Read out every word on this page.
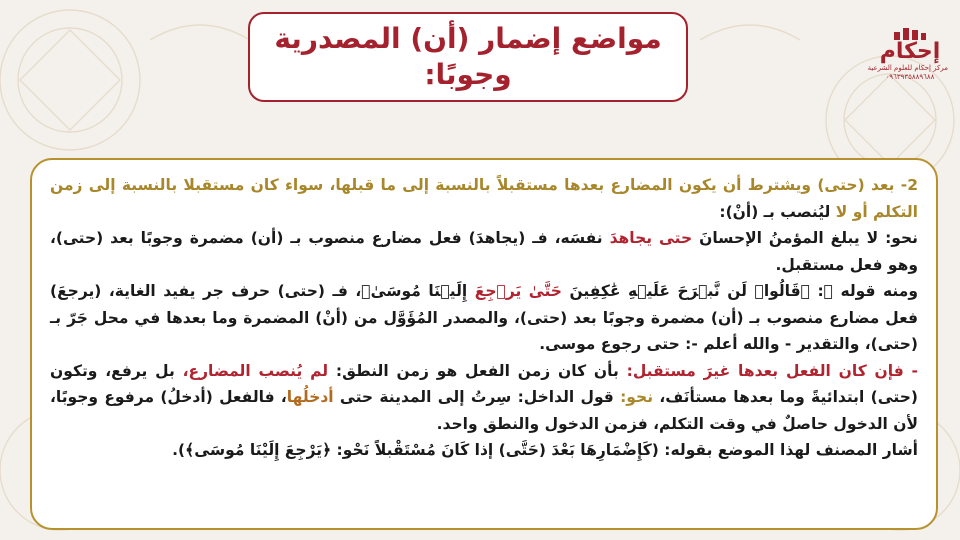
مواضع إضمار (أن) المصدرية
وجوبًا:
إحكام
مركز إحكام للعلوم الشرعية
٠٩٦٣٩٣٥٨٨٩٦٨٨

2- بعد (حتى) ويشترط أن يكون المضارع بعدها مستقبلاً بالنسبة إلى ما قبلها، سواء كان مستقبلا بالنسبة إلى زمن التكلم أو لا ليُنصب بـ (أنْ):

نحو: لا يبلغ المؤمنُ الإحسانَ حتى يجاهدَ نفسَه، فـ (يجاهدَ) فعل مضارع منصوب بـ (أن) مضمرة وجوبًا بعد (حتى)، وهو فعل مستقبل.

ومنه قوله ﷻ: ﴿قَالُوا۟ لَن نَّبۡرَحَ عَلَيۡهِ عَٰكِفِينَ حَتَّىٰ يَرۡجِعَ إِلَيۡنَا مُوسَىٰ﴾، فـ (حتى) حرف جر يفيد الغاية، (يرجعَ) فعل مضارع منصوب بـ (أن) مضمرة وجوبًا بعد (حتى)، والمصدر المُؤَوَّل من (أنْ) المضمرة وما بعدها في محل جَرّ بـ (حتى)، والتقدير - والله أعلم -: حتى رجوع موسى.

- فإن كان الفعل بعدها غيرَ مستقبل: بأن كان زمن الفعل هو زمن النطق: لم يُنصب المضارع، بل يرفع، وتكون (حتى) ابتدائيةً وما بعدها مستأنَف، نحو: قول الداخل: سِرتُ إلى المدينة حتى أدخلُها، فالفعل (أدخلُ) مرفوع وجوبًا، لأن الدخول حاصلٌ في وقت التكلم، فزمن الدخول والنطق واحد.

أشار المصنف لهذا الموضع بقوله: (كَإِضْمَارِهَا بَعْدَ (حَتَّى) إذا كَانَ مُسْتَقْبلاً نَحْو: ﴿يَرْجِعَ إِلَيْنَا مُوسَى﴾).
